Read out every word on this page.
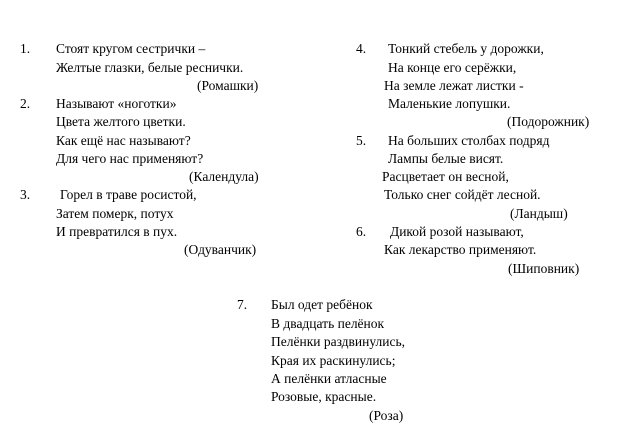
1. Стоят кругом сестрички –
Желтые глазки, белые реснички.
(Ромашки)
2. Называют «ноготки»
Цвета желтого цветки.
Как ещё нас называют?
Для чего нас применяют?
(Календула)
3. Горел в траве росистой,
Затем померк, потух
И превратился в пух.
(Одуванчик)
4. Тонкий стебель у дорожки,
На конце его серёжки,
На земле лежат листки -
Маленькие лопушки.
(Подорожник)
5. На больших столбах подряд
Лампы белые висят.
Расцветает он весной,
Только снег сойдёт лесной.
(Ландыш)
6. Дикой розой называют,
Как лекарство применяют.
(Шиповник)
7. Был одет ребёнок
В двадцать пелёнок
Пелёнки раздвинулись,
Края их раскинулись;
А пелёнки атласные
Розовые, красные.
(Роза)
